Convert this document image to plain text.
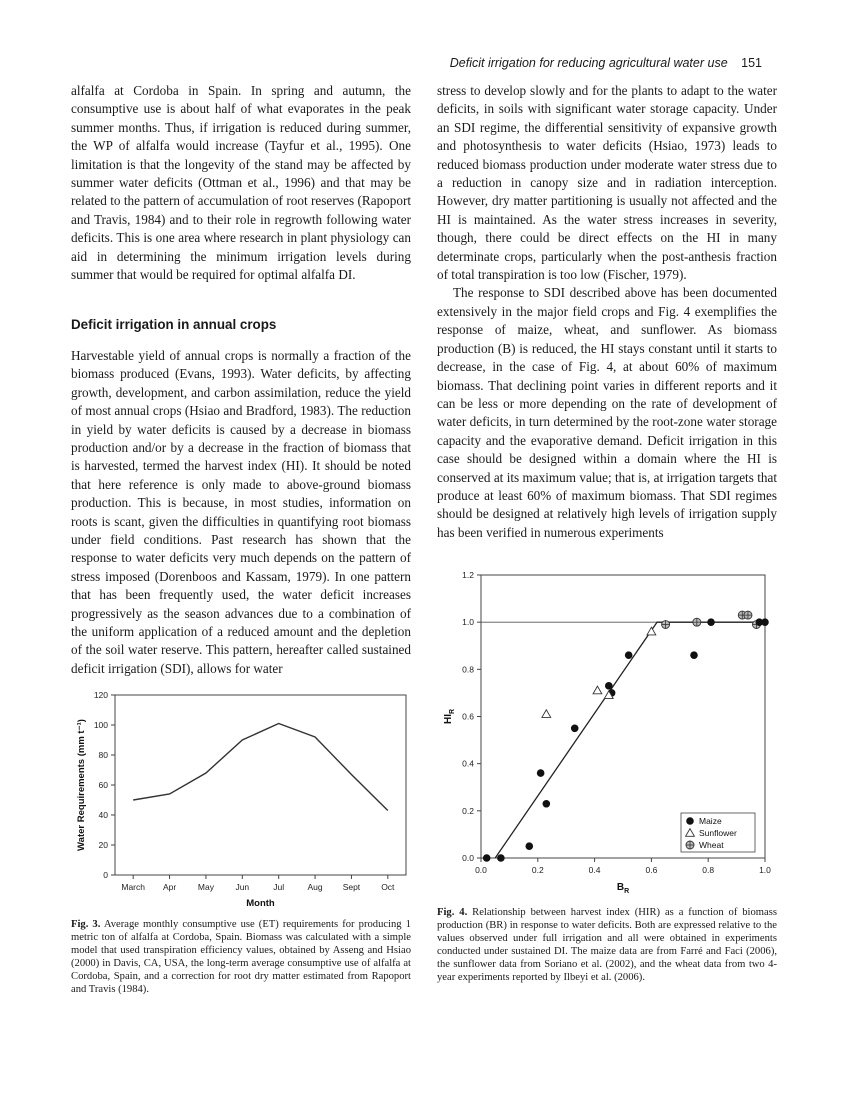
Deficit irrigation for reducing agricultural water use 151

alfalfa at Cordoba in Spain. In spring and autumn, the consumptive use is about half of what evaporates in the peak summer months. Thus, if irrigation is reduced during summer, the WP of alfalfa would increase (Tayfur et al., 1995). One limitation is that the longevity of the stand may be affected by summer water deficits (Ottman et al., 1996) and that may be related to the pattern of accumulation of root reserves (Rapoport and Travis, 1984) and to their role in regrowth following water deficits. This is one area where research in plant physiology can aid in determining the minimum irrigation levels during summer that would be required for optimal alfalfa DI.

Deficit irrigation in annual crops

Harvestable yield of annual crops is normally a fraction of the biomass produced (Evans, 1993). Water deficits, by affecting growth, development, and carbon assimilation, reduce the yield of most annual crops (Hsiao and Bradford, 1983). The reduction in yield by water deficits is caused by a decrease in biomass production and/or by a decrease in the fraction of biomass that is harvested, termed the harvest index (HI). It should be noted that here reference is only made to above-ground biomass production. This is because, in most studies, information on roots is scant, given the difficulties in quantifying root biomass under field conditions. Past research has shown that the response to water deficits very much depends on the pattern of stress imposed (Dorenboos and Kassam, 1979). In one pattern that has been frequently used, the water deficit increases progressively as the season advances due to a combination of the uniform application of a reduced amount and the depletion of the soil water reserve. This pattern, hereafter called sustained deficit irrigation (SDI), allows for water

stress to develop slowly and for the plants to adapt to the water deficits, in soils with significant water storage capacity. Under an SDI regime, the differential sensitivity of expansive growth and photosynthesis to water deficits (Hsiao, 1973) leads to reduced biomass production under moderate water stress due to a reduction in canopy size and in radiation interception. However, dry matter partitioning is usually not affected and the HI is maintained. As the water stress increases in severity, though, there could be direct effects on the HI in many determinate crops, particularly when the post-anthesis fraction of total transpiration is too low (Fischer, 1979).

The response to SDI described above has been documented extensively in the major field crops and Fig. 4 exemplifies the response of maize, wheat, and sunflower. As biomass production (B) is reduced, the HI stays constant until it starts to decrease, in the case of Fig. 4, at about 60% of maximum biomass. That declining point varies in different reports and it can be less or more depending on the rate of development of water deficits, in turn determined by the root-zone water storage capacity and the evaporative demand. Deficit irrigation in this case should be designed within a domain where the HI is conserved at its maximum value; that is, at irrigation targets that produce at least 60% of maximum biomass. That SDI regimes should be designed at relatively high levels of irrigation supply has been verified in numerous experiments

0
20
40
60
80
100
120
March Apr	May	Jun	Jul	Aug Sept Oct
Month
Water Requirements (mm t⁻¹)
0.0
0.2
0.4
0.6
0.8
1.0
1.2
0.0	0.2	0.4	0.6	0.8	1.0
Maize
Sunflower
Wheat
$B_R$
$HI_R$
Fig. 3. Average monthly consumptive use (ET) requirements for producing 1 metric ton of alfalfa at Cordoba, Spain. Biomass was calculated with a simple model that used transpiration efficiency values, obtained by Asseng and Hsiao (2000) in Davis, CA, USA, the long-term average consumptive use of alfalfa at Cordoba, Spain, and a correction for root dry matter estimated from Rapoport and Travis (1984).
Fig. 4. Relationship between harvest index (HIR) as a function of biomass production (BR) in response to water deficits. Both are expressed relative to the values observed under full irrigation and all were obtained in experiments conducted under sustained DI. The maize data are from Farré and Faci (2006), the sunflower data from Soriano et al. (2002), and the wheat data from two 4-year experiments reported by Ilbeyi et al. (2006).
